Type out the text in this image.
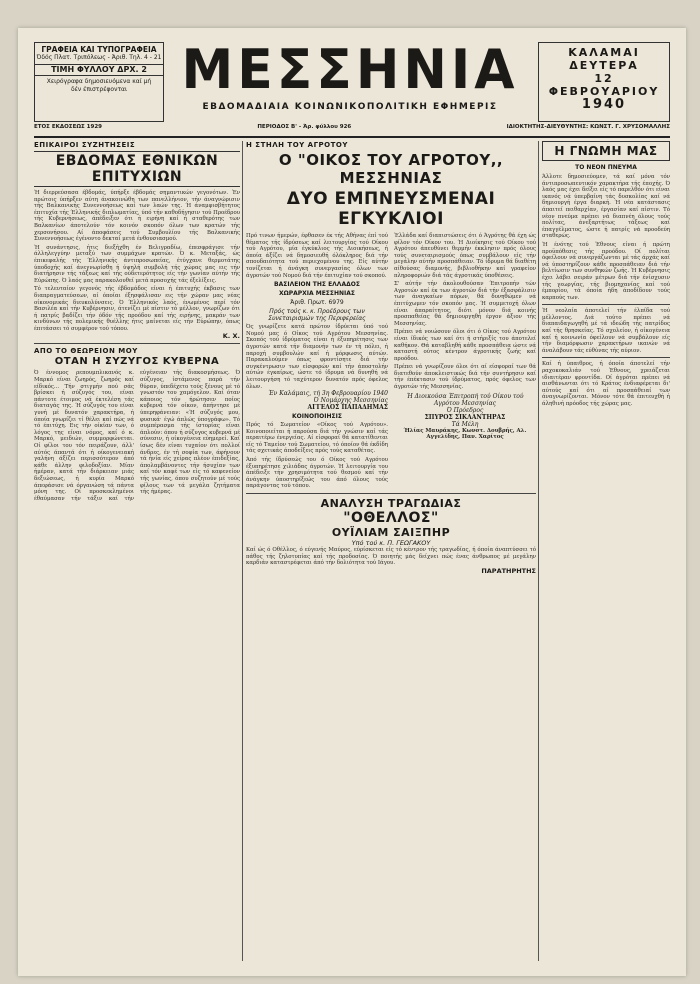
ΓΡΑΦΕΙΑ ΚΑΙ ΤΥΠΟΓΡΑΦΕΙΑ
Όδός Πλατ. Τριπόλεως - Άριθ. Τηλ. 4 - 21
ΤΙΜΗ ΦΥΛΛΟΥ ΔΡΧ. 2
Χειρόγραφα δημοσιευόμενα καί μή
δέν έπιστρέφονται	ΜΕΣΣΗΝΙΑ
ΕΒΔΟΜΑΔΙΑΙΑ ΚΟΙΝΩΝΙΚΟΠΟΛΙΤΙΚΗ ΕΦΗΜΕΡΙΣ
ΚΑΛΑΜΑΙ
ΔΕΥΤΕΡΑ
12
ΦΕΒΡΟΥΑΡΙΟΥ
1940
ΕΤΟΣ ΕΚΔΟΣΕΩΣ 1929	ΠΕΡΙΟΔΟΣ Β' - Άρ. φύλλου 926	ΙΔΙΟΚΤΗΤΗΣ-ΔΙΕΥΘΥΝΤΗΣ: ΚΩΝΣΤ. Γ. ΧΡΥΣΟΜΑΛΛΗΣ
ΕΠΙΚΑΙΡΟΙ ΣΥΖΗΤΗΣΕΙΣ
ΕΒΔΟΜΑΣ ΕΘΝΙΚΩΝ ΕΠΙΤΥΧΙΩΝ
Ή διερρεύσασα έβδομάς, ύπήρξε έβδομάς σημαντικών γεγονότων. Έν πρώτοις ύπήρξεν αύτη άνακοινώθη των πανελλήνιον, τήν άναγνώρισιν τής Βαλκανικής Συνεννοήσεως καί των λαών της. Ή άναμφισβήτητος έπιτυχία τής Έλληνικής διπλωματίας, ύπό τήν καθοδήγησιν τού Προέδρου τής Κυβερνήσεως, άπέδειξεν ότι ή ειρήνη καί ή σταθερότης των Βαλκανίων άποτελούν τόν κοινόν σκοπόν όλων των κρατών τής χερσονήσου. Αί άποφάσεις τού Συμβουλίου τής Βαλκανικής Συνεννοήσεως έγένοντο δεκταί μετά ένθουσιασμού.
Ή συνάντησις, ήτις διεξήχθη έν Βελιγραδίω, έπεσφράγισε τήν άλληλεγγύην μεταξύ των συμμάχων κρατών. Ό κ. Μεταξάς, ώς έπικεφαλής τής Έλληνικής άντιπροσωπείας, έτύγχανε θερμοτάτης ύποδοχής καί άνεγνωρίσθη ή ύψηλή συμβολή τής χώρας μας εις τήν διατήρησιν τής τάξεως καί τής ούδετερότητος είς τήν γωνίαν αύτήν τής Εύρώπης. Ό λαός μας παρακολουθεί μετά προσοχής τάς έξελίξεις.
Τό τελευταίον γεγονός τής έβδομάδος είναι ή έπιτυχής έκβασις των διαπραγματεύσεων, αί όποίαι έξησφάλισαν εις τήν χώραν μας νέας οίκονομικάς διευκολύνσεις. Ό Έλληνικός λαός, ένωμένος περί τόν Βασιλέα καί τήν Κυβέρνησιν, άτενίζει μέ πίστιν τό μέλλον, γνωρίζων ότι ή πατρίς βαδίζει τήν όδόν τής προόδου καί τής ειρήνης, μακράν των κινδύνων τής πολεμικής θυέλλης ήτις μαίνεται είς τήν Εύρώπην, όπως έπιτάσσει τό συμφέρον τού τόπου.
Κ. Χ.
ΑΠΟ ΤΟ ΘΕΩΡΕΙΟΝ ΜΟΥ
ΟΤΑΝ Η ΣΥΖΥΓΟΣ ΚΥΒΕΡΝΑ
Ό έννομος ρεπουμπλικανός κ. Μαρκό είναι ζωηρός, ζωηρός καί είδικός... Τήν στιγμήν πού σάς βρίσκει ή σύζυγός του, είναι πάντοτε έτοιμος νά έκτελέση τάς διαταγάς της. Ή σύζυγός του είναι γυνή μέ δυνατόν χαρακτήρα, ή όποία γνωρίζει τί θέλει καί πώς νά τό έπιτύχη. Εις τήν οίκίαν των, ό λόγος της είναι νόμος, καί ό κ. Μαρκό, μειδιών, συμμορφώνεται. Οί φίλοι του τόν πειράζουν, άλλ' αύτός άπαντά ότι ή οίκογενειακή γαλήνη άξίζει περισσότερον άπό κάθε άλλην φιλοδοξίαν. Μίαν ήμέραν, κατά τήν διάρκειαν μιάς δεξιώσεως, ή κυρία Μαρκό άπεφάσισε νά όργανώση τά πάντα μόνη της. Οί προσκεκλημένοι έθαύμασαν τήν τάξιν καί τήν εύγένειαν τής διακοσμήσεως. Ό σύζυγος, ίστάμενος παρά τήν θύραν, ύπεδέχετο τούς ξένους μέ τό γνωστόν του χαμόγελον. Καί όταν κάποιος τόν ήρώτησεν ποίος κυβερνά τόν οίκον, άπήντησε μέ ύπερηφάνειαν: «Ή σύζυγός μου, φυσικά· έγώ άπλώς ύπογράφω». Τό συμπέρασμα τής ίστορίας είναι άπλούν: όπου ή σύζυγος κυβερνά μέ σύνεσιν, ή οίκογένεια εύημερεί. Καί ίσως δέν είναι τυχαίον ότι πολλοί άνδρες, έν τή σοφία των, άφήνουν τά ήνία είς χείρας πλέον έπιδεξίας, άπολαμβάνοντες τήν ήσυχίαν των καί τόν καφέ των είς τό καφενείον τής γωνίας, όπου συζητούν μέ τούς φίλους των τά μεγάλα ζητήματα τής ήμέρας.
Η ΣΤΗΛΗ ΤΟΥ ΑΓΡΟΤΟΥ
Ο "ΟΙΚΟΣ ΤΟΥ ΑΓΡΟΤΟΥ,, ΜΕΣΣΗΝΙΑΣ
ΔΥΟ ΕΜΠΝΕΥΣΜΕΝΑΙ ΕΓΚΥΚΛΙΟΙ
Πρό τινων ήμερών, έφθασεν έκ τής Αθήνας έπί τού θέματος τής ίδρύσεως καί λειτουργίας τού Οίκου τού Αγρότου, μία έγκύκλιος τής Διοικήσεως, ή όποία άξίζει νά δημοσιευθή όλόκληρος διά τήν σπουδαιότητα τού περιεχομένου της. Είς αύτήν τονίζεται ή άνάγκη συνεργασίας όλων των άγροτών τού Νομού διά τήν έπιτυχίαν τού σκοπού.
ΒΑΣΙΛΕΙΟΝ ΤΗΣ ΕΛΛΑΔΟΣ
ΧΩΡΑΡΧΙΑ ΜΕΣΣΗΝΙΑΣ
Άριθ. Πρωτ. 6979
Πρός τούς κ. κ. Προέδρους των Συνεταιρισμών της Περιφερείας
Ός γνωρίζετε κατά πρώτον ίδρύεται ύπό τού Νομού μας ό Οίκος τού Αγρότου Μεσσηνίας. Σκοπός τού ίδρύματος είναι ή έξυπηρέτησις των άγροτών κατά τήν διαμονήν των έν τή πόλει, ή παροχή συμβουλών καί ή μόρφωσις αύτών. Παρακαλούμεν όπως φροντίσητε διά τήν συγκέντρωσιν των είσφορών καί τήν άποστολήν αύτών έγκαίρως, ώστε τό ίδρυμα νά δυνηθή νά λειτουργήση τό ταχύτερον δυνατόν πρός όφελος όλων.
Έν Καλάμαις, τή 3η Φεβρουαρίου 1940
Ό Νομάρχης Μεσσηνίας
ΑΓΓΕΛΟΣ ΠΑΠΑΔΗΜΑΣ
ΚΟΙΝΟΠΟΙΗΣΙΣ
Πρός τό Σωματείον «Οίκος τού Αγρότου». Κοινοποιείται ή παρούσα διά τήν γνώσιν καί τάς περαιτέρω ένεργείας. Αί είσφοραί θά κατατίθενται είς τό Ταμείον τού Σωματείου, τό όποίον θά έκδίδη τάς σχετικάς άποδείξεις πρός τούς καταθέτας.
Άπό τής ίδρύσεώς του ό Οίκος τού Αγρότου έξυπηρέτησε χιλιάδας άγροτών. Ή λειτουργία του άπέδειξε τήν χρησιμότητα τού θεσμού καί τήν άνάγκην ύποστηρίξεώς του άπό όλους τούς παράγοντας τού τόπου.
Έλλάδα καί διαπιστώσεις ότι ό Άγρότης θά έχη ώς φίλον τόν Οίκον του. Ή Διοίκησις τού Οίκου τού Αγρότου άπευθύνει θερμήν έκκλησιν πρός όλους τούς συνεταιρισμούς όπως συμβάλουν είς τήν μεγάλην αύτήν προσπάθειαν. Τό ίδρυμα θά διαθέτη αίθούσας διαμονής, βιβλιοθήκην καί γραφείον πληροφοριών διά τάς άγροτικάς ύποθέσεις.
Σ' αύτήν τήν άκολουθούσαν Έπιτροπήν τών Αγροτών καί έκ των άγροτών διά τήν έξασφάλισιν των άναγκαίων πόρων, θά δυνηθώμεν νά έπιτύχωμεν τόν σκοπόν μας. Ή συμμετοχή όλων είναι άπαραίτητος, διότι μόνον διά κοινής προσπαθείας θά δημιουργηθή έργον άξιον τής Μεσσηνίας.
Πρέπει νά νοιώσουν όλοι ότι ό Οίκος τού Αγρότου είναι ίδικός των καί ότι ή στήριξίς του άποτελεί καθήκον. Θά καταβληθή κάθε προσπάθεια ώστε νά καταστή ούτος κέντρον άγροτικής ζωής καί προόδου.
Πρέπει νά γνωρίζουν όλοι ότι αί είσφοραί των θά διατεθούν άποκλειστικώς διά τήν συντήρησιν καί τήν έπέκτασιν τού ίδρύματος, πρός όφελος των άγροτών τής Μεσσηνίας.
Ή Διοικούσα Έπιτροπή τού Οίκου τού Αγρότου Μεσσηνίας
Ό Πρόεδρος
ΣΠΥΡΟΣ ΣΙΚΛΑΝΤΗΡΑΣ
Τά Μέλη
Ήλίας Μαυράκης, Κωνστ. Δουβρής, Αλ. Αγγελίδης, Παν. Χαρίτος
ΑΝΑΛΥΣΗ ΤΡΑΓΩΔΙΑΣ
"ΟΘΕΛΛΟΣ"
ΟΥΪΛΙΑΜ ΣΑΙΞΠΗΡ
Υπό τού κ. Π. ΓΕΩΓΑΚΟΥ
Καί ώς ό Οθέλλος, ό εύγενής Μαύρος, εύρίσκεται είς τό κέντρον τής τραγωδίας, ή όποία άναπτύσσει τό πάθος τής ζηλοτυπίας καί τής προδοσίας. Ό ποιητής μάς δείχνει πώς ένας άνθρωπος μέ μεγάλην καρδιάν καταστρέφεται άπό τήν δολιότητα τού Ιάγου.
ΠΑΡΑΤΗΡΗΤΗΣ
Η ΓΝΩΜΗ ΜΑΣ
ΤΟ ΝΕΟΝ ΠΝΕΥΜΑ
Άλλοτε δημοσιεύομεν, τά καί μόνα τόν άντιπροσωπευτικόν χαρακτήρα τής έποχής. Ό λαός μας έχει δείξει είς τό παρελθόν ότι είναι ικανός νά ύπερβαίνη τάς δυσκολίας καί νά δημιουργή έργα διαρκή. Ή νέα κατάστασις άπαιτεί πειθαρχίαν, έργασίαν καί πίστιν. Τό νέον πνεύμα πρέπει νά διαπνέη όλους τούς πολίτας, άνεξαρτήτως τάξεως καί έπαγγέλματος, ώστε ή πατρίς νά προοδεύη σταθερώς.
Ή ένότης τού Έθνους είναι ή πρώτη προϋπόθεσις τής προόδου. Οί πολίται όφείλουν νά συνεργάζωνται μέ τάς άρχάς καί νά ύποστηρίζουν κάθε προσπάθειαν διά τήν βελτίωσιν των συνθηκών ζωής. Ή Κυβέρνησις έχει λάβει σειράν μέτρων διά τήν ένίσχυσιν τής γεωργίας, τής βιομηχανίας καί τού έμπορίου, τά όποία ήδη άποδίδουν τούς καρπούς των.
Ή νεολαία άποτελεί τήν έλπίδα τού μέλλοντος. Διά τούτο πρέπει νά διαπαιδαγωγηθή μέ τά ιδεώδη τής πατρίδος καί τής θρησκείας. Τό σχολείον, ή οίκογένεια καί ή κοινωνία όφείλουν νά συμβάλουν είς τήν διαμόρφωσιν χαρακτήρων ικανών νά άναλάβουν τάς εύθύνας τής αύριον.
Καί ή ύπαιθρος, ή όποία άποτελεί τήν ραχοκοκαλιάν τού Έθνους, χρειάζεται ιδιαιτέραν φροντίδα. Οί άγρόται πρέπει νά αισθάνωνται ότι τό Κράτος ένδιαφέρεται δι' αύτούς καί ότι αί προσπάθειαί των άναγνωρίζονται. Μόνον τότε θά έπιτευχθή ή άληθινή πρόοδος τής χώρας μας.
